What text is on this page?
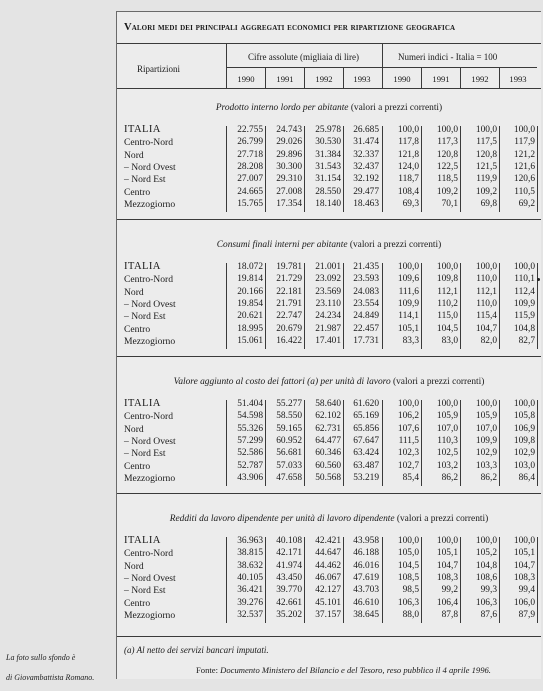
Valori medi dei principali aggregati economici per ripartizione geografica
Ripartizioni
Cifre assolute (migliaia di lire)	Numeri indici - Italia = 100
1990	1991	1992	1993	1990	1991	1992	1993
Prodotto interno lordo per abitante (valori a prezzi correnti)
ITALIA	22.755	24.743	25.978	26.685	100,0	100,0	100,0	100,0
Centro-Nord	26.799	29.026	30.530	31.474	117,8	117,3	117,5	117,9
Nord	27.718	29.896	31.384	32.337	121,8	120,8	120,8	121,2
– Nord Ovest	28.208	30.300	31.543	32.437	124,0	122,5	121,5	121,6
– Nord Est	27.007	29.310	31.154	32.192	118,7	118,5	119,9	120,6
Centro	24.665	27.008	28.550	29.477	108,4	109,2	109,2	110,5
Mezzogiorno	15.765	17.354	18.140	18.463	69,3	70,1	69,8	69,2
Consumi finali interni per abitante (valori a prezzi correnti)
ITALIA	18.072	19.781	21.001	21.435	100,0	100,0	100,0	100,0
Centro-Nord	19.814	21.729	23.092	23.593	109,6	109,8	110,0	110,1
Nord	20.166	22.181	23.569	24.083	111,6	112,1	112,1	112,4
– Nord Ovest	19.854	21.791	23.110	23.554	109,9	110,2	110,0	109,9
– Nord Est	20.621	22.747	24.234	24.849	114,1	115,0	115,4	115,9
Centro	18.995	20.679	21.987	22.457	105,1	104,5	104,7	104,8
Mezzogiorno	15.061	16.422	17.401	17.731	83,3	83,0	82,0	82,7
Valore aggiunto al costo dei fattori (a) per unità di lavoro (valori a prezzi correnti)
ITALIA	51.404	55.277	58.640	61.620	100,0	100,0	100,0	100,0
Centro-Nord	54.598	58.550	62.102	65.169	106,2	105,9	105,9	105,8
Nord	55.326	59.165	62.731	65.856	107,6	107,0	107,0	106,9
– Nord Ovest	57.299	60.952	64.477	67.647	111,5	110,3	109,9	109,8
– Nord Est	52.586	56.681	60.346	63.424	102,3	102,5	102,9	102,9
Centro	52.787	57.033	60.560	63.487	102,7	103,2	103,3	103,0
Mezzogiorno	43.906	47.658	50.568	53.219	85,4	86,2	86,2	86,4
Redditi da lavoro dipendente per unità di lavoro dipendente (valori a prezzi correnti)
ITALIA	36.963	40.108	42.421	43.958	100,0	100,0	100,0	100,0
Centro-Nord	38.815	42.171	44.647	46.188	105,0	105,1	105,2	105,1
Nord	38.632	41.974	44.462	46.016	104,5	104,7	104,8	104,7
– Nord Ovest	40.105	43.450	46.067	47.619	108,5	108,3	108,6	108,3
– Nord Est	36.421	39.770	42.127	43.703	98,5	99,2	99,3	99,4
Centro	39.276	42.661	45.101	46.610	106,3	106,4	106,3	106,0
Mezzogiorno	32.537	35.202	37.157	38.645	88,0	87,8	87,6	87,9
(a) Al netto dei servizi bancari imputati.
Fonte: Documento Ministero del Bilancio e del Tesoro, reso pubblico il 4 aprile 1996.
La foto sullo sfondo è
di Giovambattista Romano.
